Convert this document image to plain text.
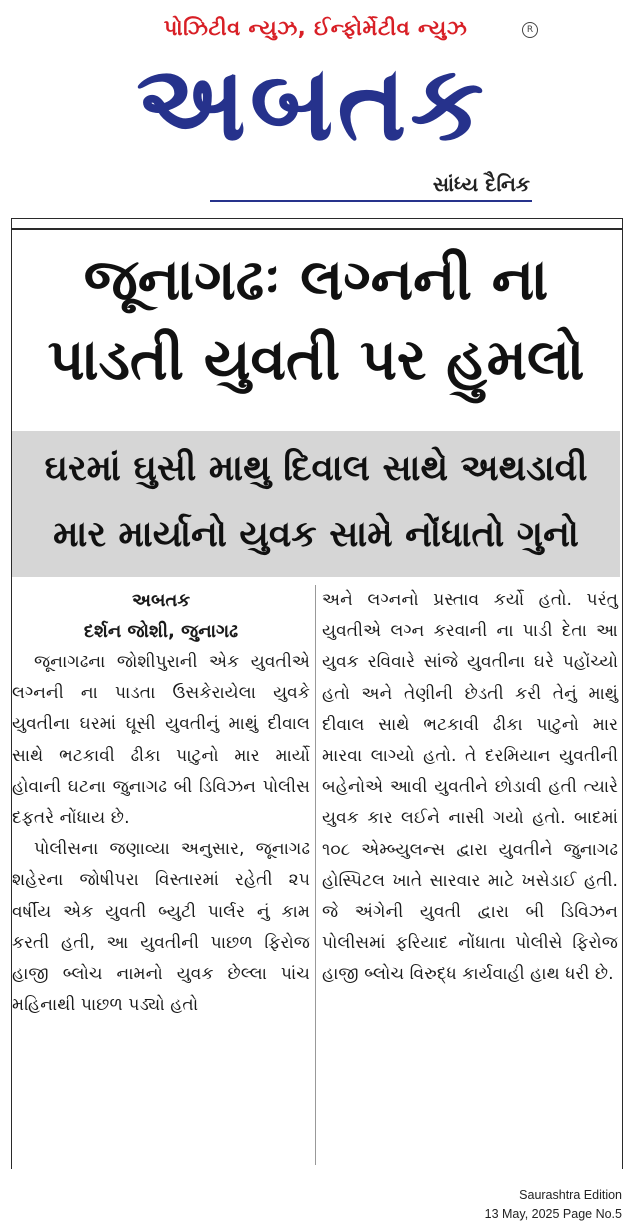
પોઝિટીવ ન્યુઝ, ઈન્ફોર્મેટીવ ન્યુઝ	R
અબતક
સાંધ્ય દૈનિક
જૂનાગઢઃ લગ્નની ના
પાડતી યુવતી પર હુમલો
ઘરમાં ઘુસી માથુ દિવાલ સાથે અથડાવી
માર માર્યાનો યુવક સામે નોંધાતો ગુનો
અબતક
દર્શન જોશી, જુનાગઢ

જૂનાગઢના જોશીપુરાની એક યુવતીએ લગ્નની ના પાડતા ઉસકેરાયેલા યુવકે યુવતીના ઘરમાં ઘૂસી યુવતીનું માથું દીવાલ સાથે ભટકાવી ઢીકા પાટુનો માર માર્યો હોવાની ઘટના જુનાગઢ બી ડિવિઝન પોલીસ દફતરે નોંધાય છે.

પોલીસના જણાવ્યા અનુસાર, જૂનાગઢ શહેરના જોષીપરા વિસ્તારમાં રહેતી ૨૫ વર્ષીય એક યુવતી બ્યુટી પાર્લર નું કામ કરતી હતી, આ યુવતીની પાછળ ફિરોજ હાજી બ્લોચ નામનો યુવક છેલ્લા પાંચ મહિનાથી પાછળ પડ્યો હતો

અને લગ્નનો પ્રસ્તાવ કર્યો હતો. પરંતુ યુવતીએ લગ્ન કરવાની ના પાડી દેતા આ યુવક રવિવારે સાંજે યુવતીના ઘરે પહોંચ્યો હતો અને તેણીની છેડતી કરી તેનું માથું દીવાલ સાથે ભટકાવી ઢીકા પાટુનો માર મારવા લાગ્યો હતો. તે દરમિયાન યુવતીની બહેનોએ આવી યુવતીને છોડાવી હતી ત્યારે યુવક કાર લઈને નાસી ગયો હતો. બાદમાં ૧૦૮ એમ્બ્યુલન્સ દ્વારા યુવતીને જુનાગઢ હોસ્પિટલ ખાતે સારવાર માટે ખસેડાઈ હતી. જે અંગેની યુવતી દ્વારા બી ડિવિઝન પોલીસમાં ફરિયાદ નોંધાતા પોલીસે ફિરોજ હાજી બ્લોચ વિરુદ્ધ કાર્યવાહી હાથ ધરી છે.

Saurashtra Edition
13 May, 2025 Page No.5
